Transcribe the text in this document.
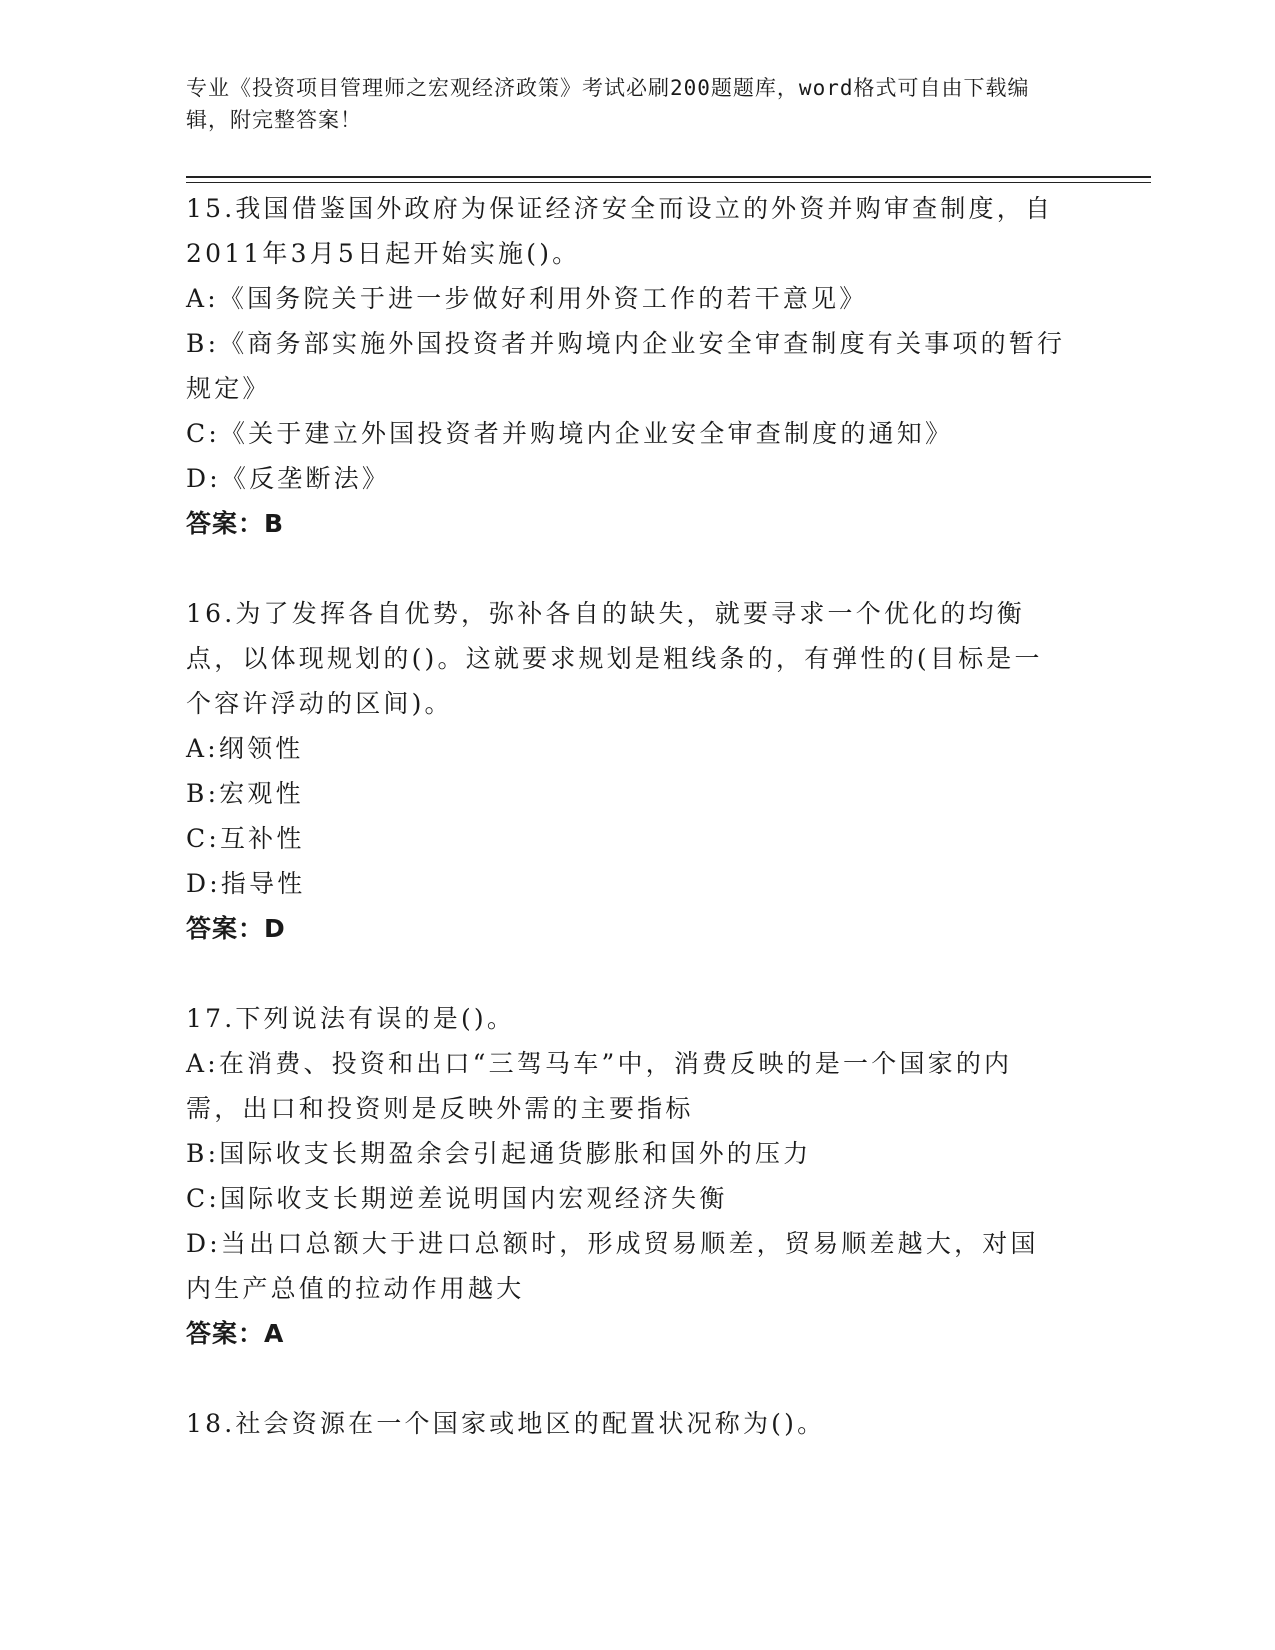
专业《投资项目管理师之宏观经济政策》考试必刷200题题库，word格式可自由下载编辑，附完整答案！

15.我国借鉴国外政府为保证经济安全而设立的外资并购审查制度，自2011年3月5日起开始实施()。

A:《国务院关于进一步做好利用外资工作的若干意见》

B:《商务部实施外国投资者并购境内企业安全审查制度有关事项的暂行规定》

C:《关于建立外国投资者并购境内企业安全审查制度的通知》

D:《反垄断法》

答案：B

16.为了发挥各自优势，弥补各自的缺失，就要寻求一个优化的均衡点，以体现规划的()。这就要求规划是粗线条的，有弹性的(目标是一个容许浮动的区间)。

A:纲领性

B:宏观性

C:互补性

D:指导性

答案：D

17.下列说法有误的是()。

A:在消费、投资和出口“三驾马车”中，消费反映的是一个国家的内需，出口和投资则是反映外需的主要指标

B:国际收支长期盈余会引起通货膨胀和国外的压力

C:国际收支长期逆差说明国内宏观经济失衡

D:当出口总额大于进口总额时，形成贸易顺差，贸易顺差越大，对国内生产总值的拉动作用越大

答案：A

18.社会资源在一个国家或地区的配置状况称为()。
